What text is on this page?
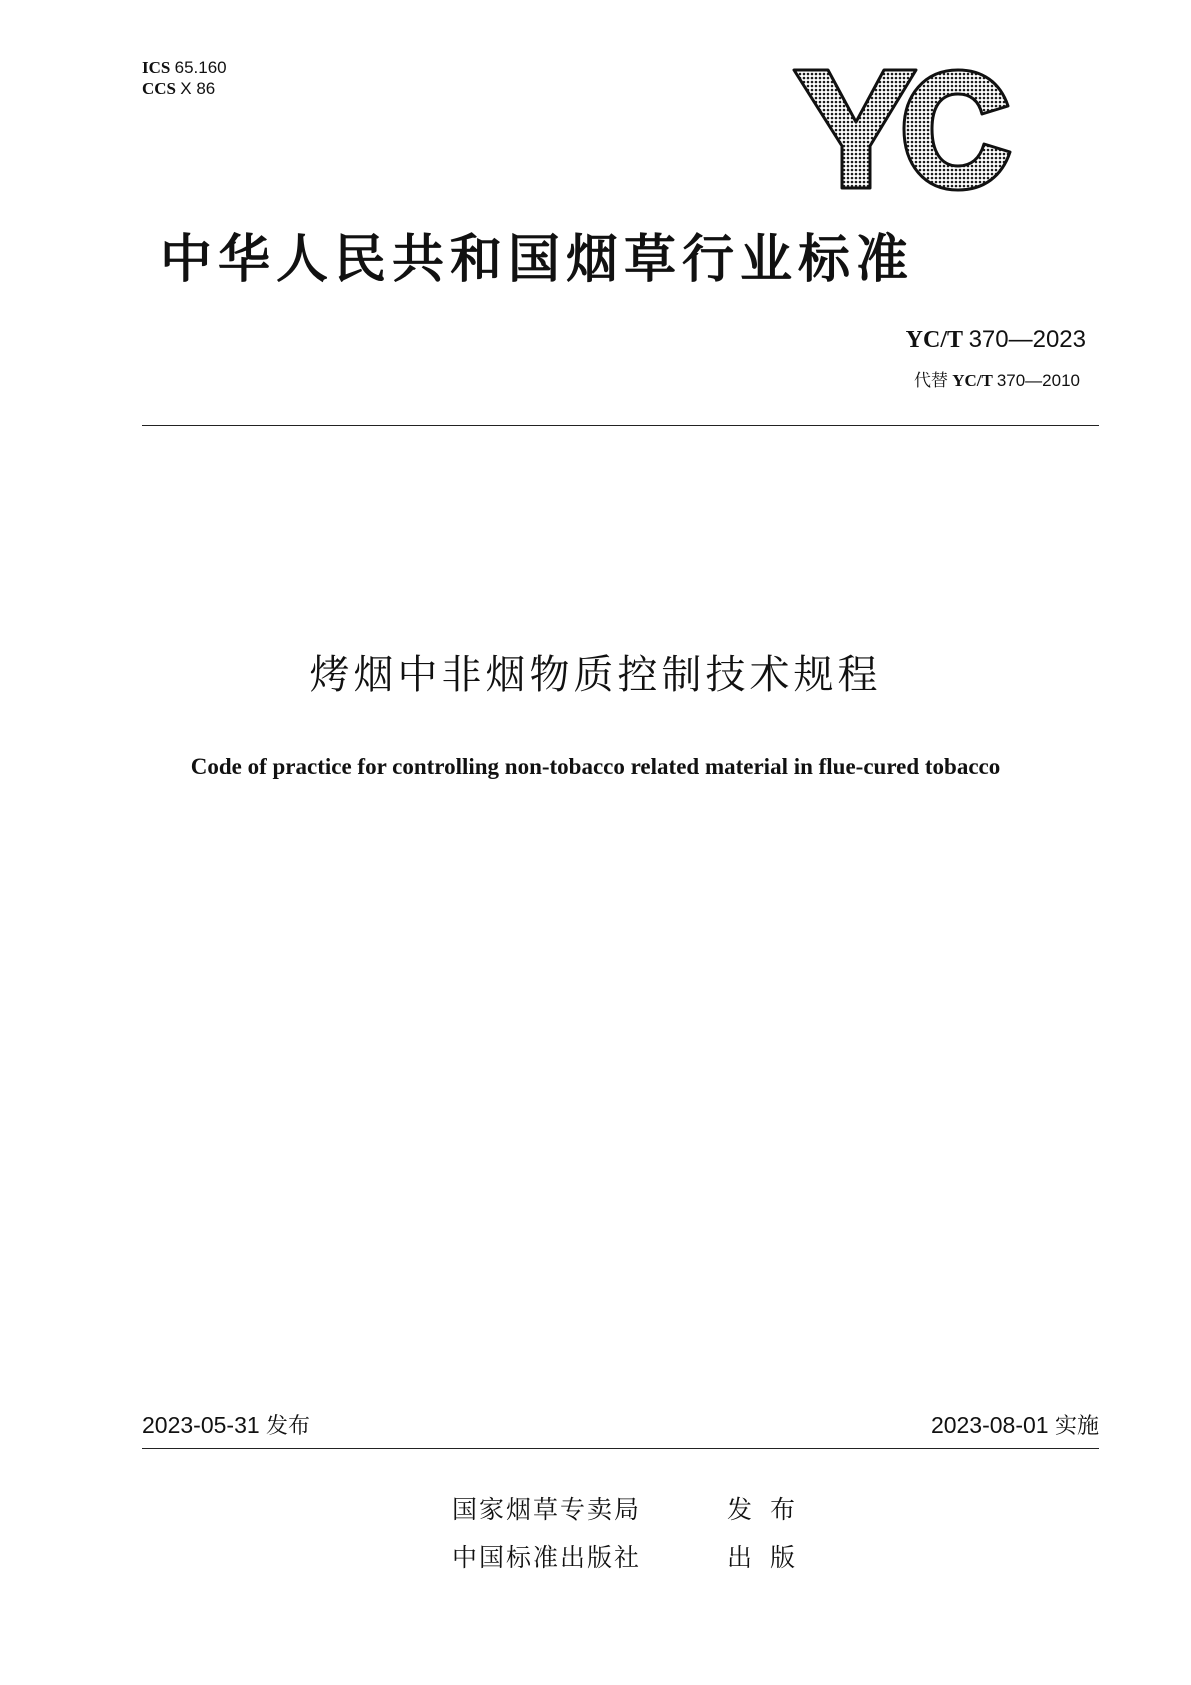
ICS 65.160
CCS X 86
中华人民共和国烟草行业标准
YC/T 370—2023
代替 YC/T 370—2010
烤烟中非烟物质控制技术规程
Code of practice for controlling non-tobacco related material in flue-cured tobacco
2023-05-31 发布	2023-08-01 实施
国家烟草专卖局	发布
中国标准出版社	出版
